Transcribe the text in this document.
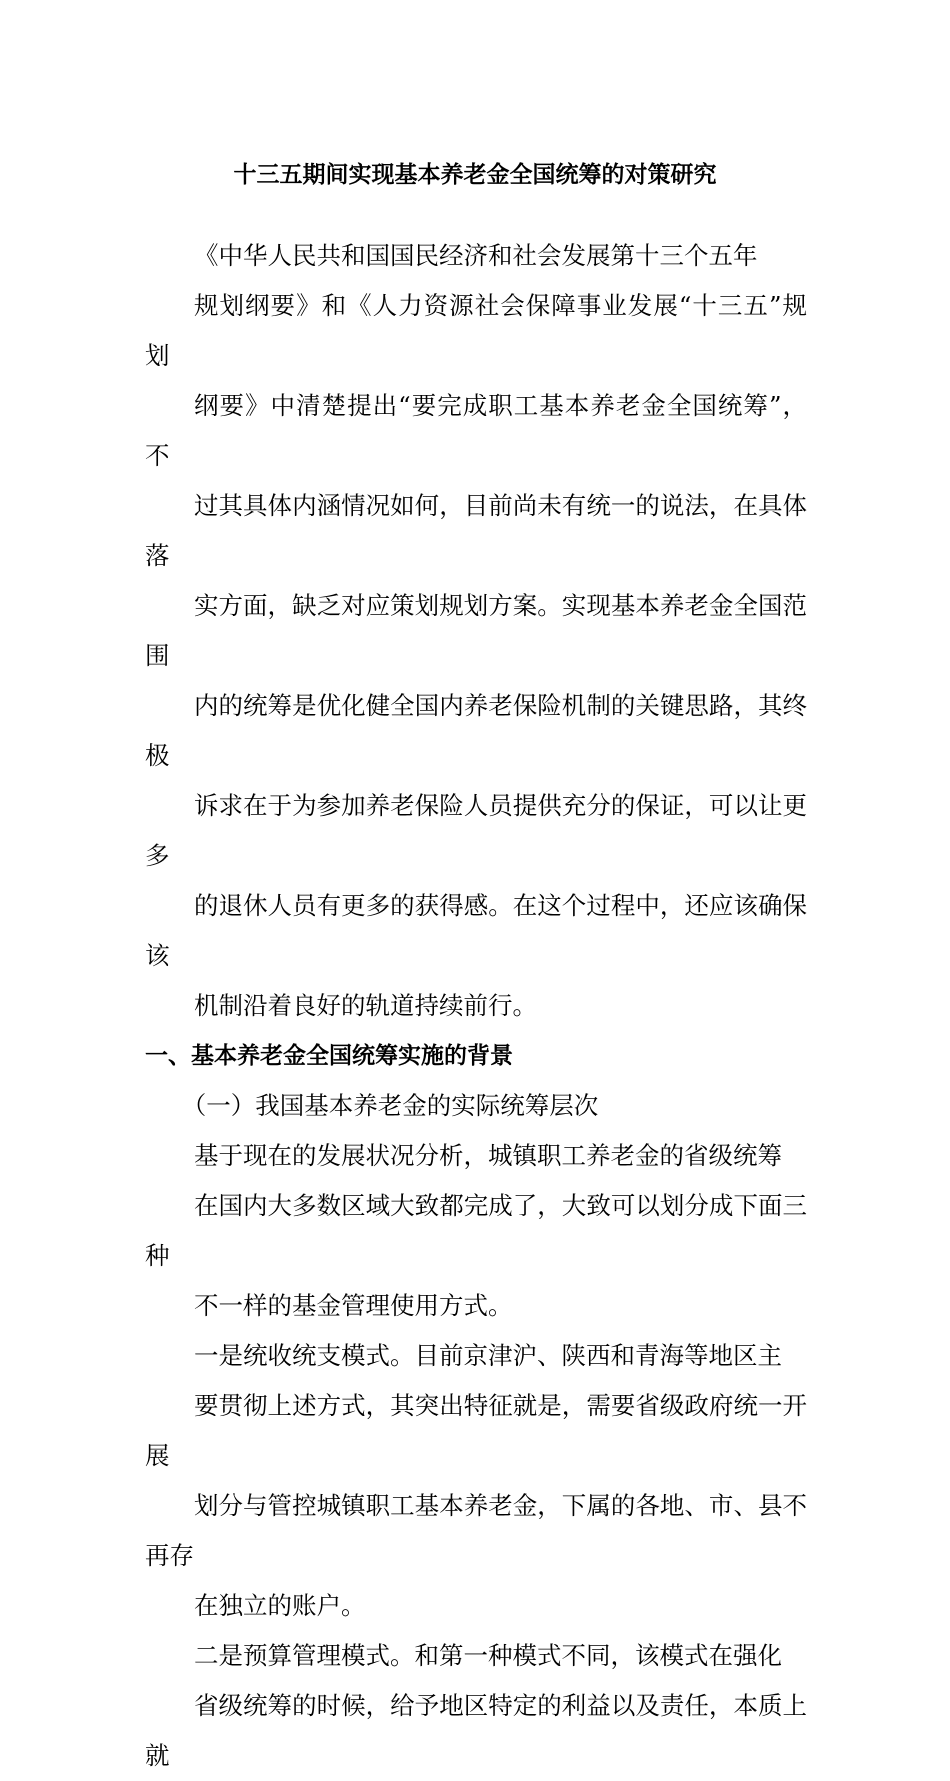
十三五期间实现基本养老金全国统筹的对策研究

《中华人民共和国国民经济和社会发展第十三个五年
规划纲要》和《人力资源社会保障事业发展“十三五”规划
纲要》中清楚提出“要完成职工基本养老金全国统筹”，不
过其具体内涵情况如何，目前尚未有统一的说法，在具体落
实方面，缺乏对应策划规划方案。实现基本养老金全国范围
内的统筹是优化健全国内养老保险机制的关键思路，其终极
诉求在于为参加养老保险人员提供充分的保证，可以让更多
的退休人员有更多的获得感。在这个过程中，还应该确保该
机制沿着良好的轨道持续前行。

一、基本养老金全国统筹实施的背景

（一）我国基本养老金的实际统筹层次

基于现在的发展状况分析，城镇职工养老金的省级统筹
在国内大多数区域大致都完成了，大致可以划分成下面三种
不一样的基金管理使用方式。

一是统收统支模式。目前京津沪、陕西和青海等地区主
要贯彻上述方式，其突出特征就是，需要省级政府统一开展
划分与管控城镇职工基本养老金，下属的各地、市、县不再存
在独立的账户。

二是预算管理模式。和第一种模式不同，该模式在强化
省级统筹的时候，给予地区特定的利益以及责任，本质上就
